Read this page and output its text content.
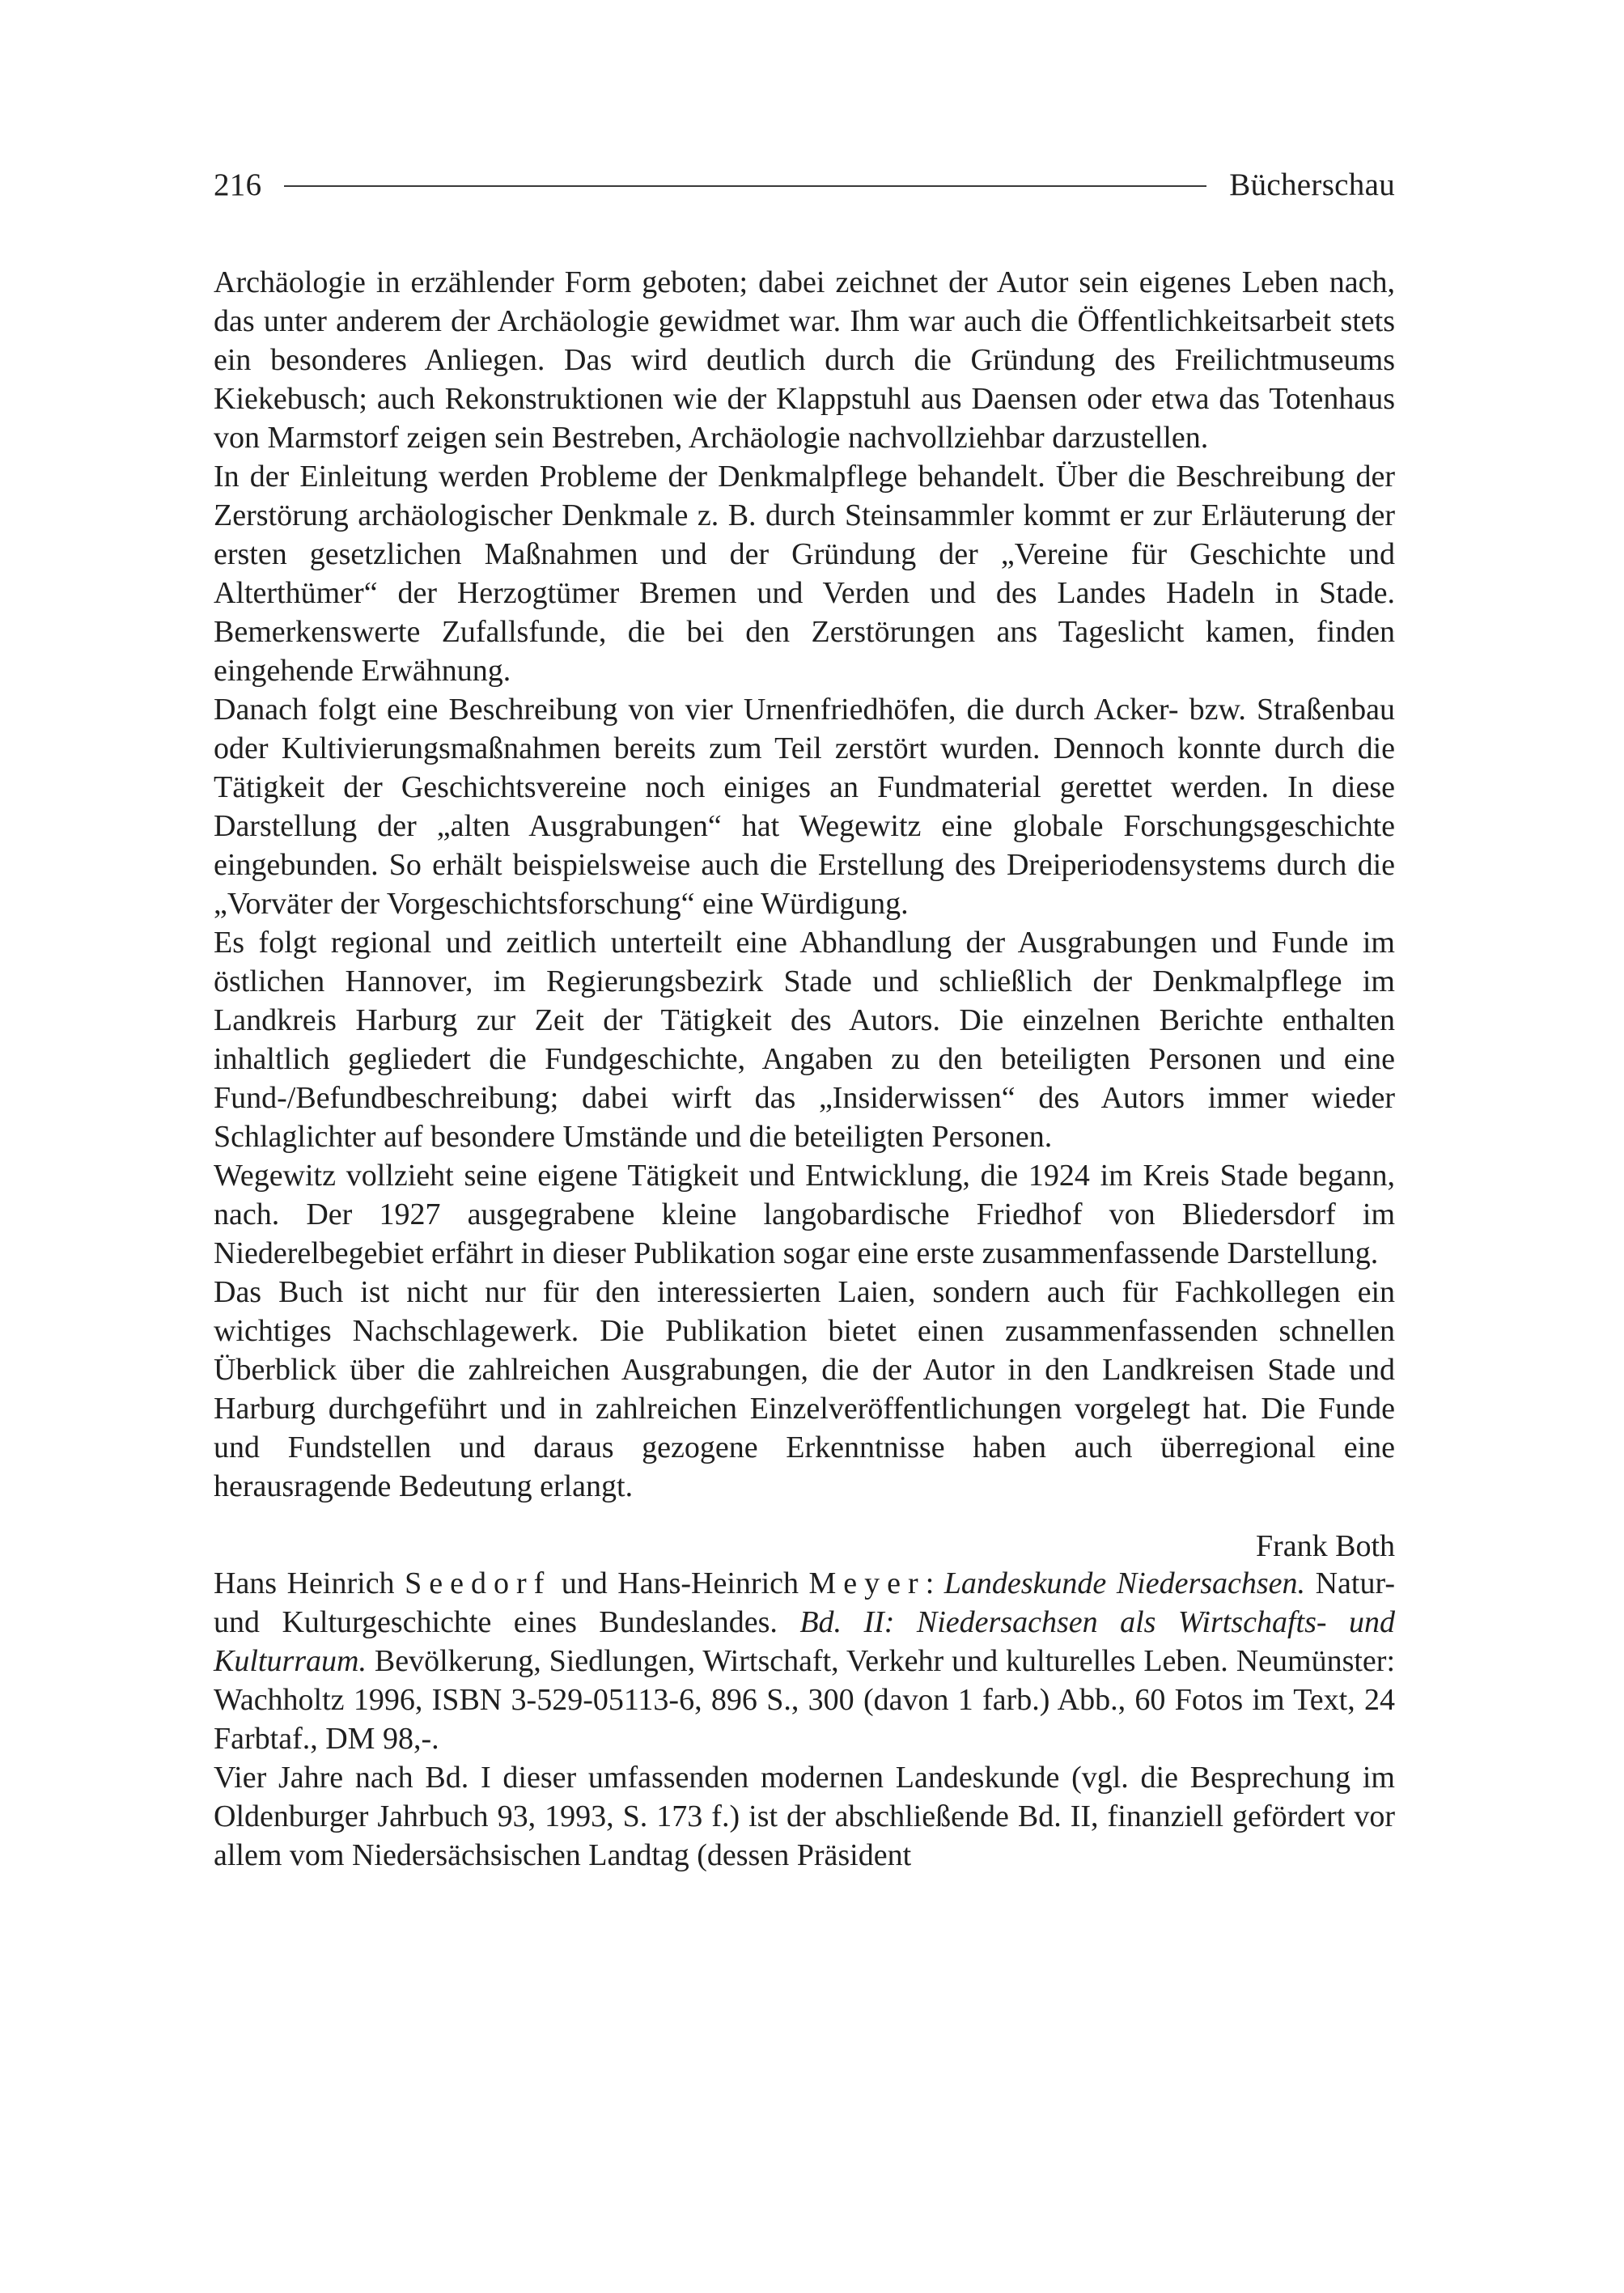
216	Bücherschau

Archäologie in erzählender Form geboten; dabei zeichnet der Autor sein eigenes Leben nach, das unter anderem der Archäologie gewidmet war. Ihm war auch die Öffentlichkeitsarbeit stets ein besonderes Anliegen. Das wird deutlich durch die Gründung des Freilichtmuseums Kiekebusch; auch Rekonstruktionen wie der Klappstuhl aus Daensen oder etwa das Totenhaus von Marmstorf zeigen sein Bestreben, Archäologie nachvollziehbar darzustellen.

In der Einleitung werden Probleme der Denkmalpflege behandelt. Über die Beschreibung der Zerstörung archäologischer Denkmale z. B. durch Steinsammler kommt er zur Erläuterung der ersten gesetzlichen Maßnahmen und der Gründung der „Vereine für Geschichte und Alterthümer“ der Herzogtümer Bremen und Verden und des Landes Hadeln in Stade. Bemerkenswerte Zufallsfunde, die bei den Zerstörungen ans Tageslicht kamen, finden eingehende Erwähnung.

Danach folgt eine Beschreibung von vier Urnenfriedhöfen, die durch Acker- bzw. Straßenbau oder Kultivierungsmaßnahmen bereits zum Teil zerstört wurden. Dennoch konnte durch die Tätigkeit der Geschichtsvereine noch einiges an Fundmaterial gerettet werden. In diese Darstellung der „alten Ausgrabungen“ hat Wegewitz eine globale Forschungsgeschichte eingebunden. So erhält beispielsweise auch die Erstellung des Dreiperiodensystems durch die „Vorväter der Vorgeschichtsforschung“ eine Würdigung.

Es folgt regional und zeitlich unterteilt eine Abhandlung der Ausgrabungen und Funde im östlichen Hannover, im Regierungsbezirk Stade und schließlich der Denkmalpflege im Landkreis Harburg zur Zeit der Tätigkeit des Autors. Die einzelnen Berichte enthalten inhaltlich gegliedert die Fundgeschichte, Angaben zu den beteiligten Personen und eine Fund-/Befundbeschreibung; dabei wirft das „Insiderwissen“ des Autors immer wieder Schlaglichter auf besondere Umstände und die beteiligten Personen.

Wegewitz vollzieht seine eigene Tätigkeit und Entwicklung, die 1924 im Kreis Stade begann, nach. Der 1927 ausgegrabene kleine langobardische Friedhof von Bliedersdorf im Niederelbegebiet erfährt in dieser Publikation sogar eine erste zusammenfassende Darstellung.

Das Buch ist nicht nur für den interessierten Laien, sondern auch für Fachkollegen ein wichtiges Nachschlagewerk. Die Publikation bietet einen zusammenfassenden schnellen Überblick über die zahlreichen Ausgrabungen, die der Autor in den Landkreisen Stade und Harburg durchgeführt und in zahlreichen Einzelveröffentlichungen vorgelegt hat. Die Funde und Fundstellen und daraus gezogene Erkenntnisse haben auch überregional eine herausragende Bedeutung erlangt.

Frank Both

Hans Heinrich Seedorf und Hans-Heinrich Meyer: Landeskunde Niedersachsen. Natur- und Kulturgeschichte eines Bundeslandes. Bd. II: Niedersachsen als Wirtschafts- und Kulturraum. Bevölkerung, Siedlungen, Wirtschaft, Verkehr und kulturelles Leben. Neumünster: Wachholtz 1996, ISBN 3-529-05113-6, 896 S., 300 (davon 1 farb.) Abb., 60 Fotos im Text, 24 Farbtaf., DM 98,-.

Vier Jahre nach Bd. I dieser umfassenden modernen Landeskunde (vgl. die Besprechung im Oldenburger Jahrbuch 93, 1993, S. 173 f.) ist der abschließende Bd. II, finanziell gefördert vor allem vom Niedersächsischen Landtag (dessen Präsident
